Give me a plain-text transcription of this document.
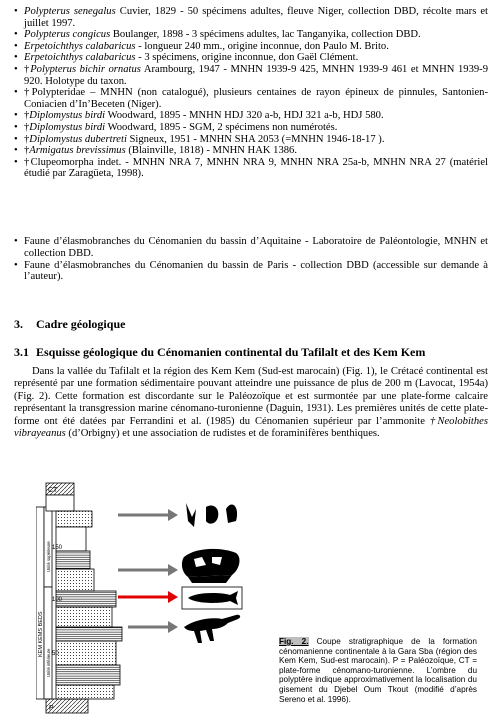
• Polypterus senegalus Cuvier, 1829 - 50 spécimens adultes, fleuve Niger, collection DBD, récolte mars et juillet 1997.
• Polypterus congicus Boulanger, 1898 - 3 spécimens adultes, lac Tanganyika, collection DBD.
• Erpetoichthys calabaricus - longueur 240 mm., origine inconnue, don Paulo M. Brito.
• Erpetoichthys calabaricus - 3 spécimens, origine inconnue, don Gaël Clément.
• †Polypterus bichir ornatus Arambourg, 1947 - MNHN 1939-9 425, MNHN 1939-9 461 et MNHN 1939-9 920. Holotype du taxon.
• †Polypteridae – MNHN (non catalogué), plusieurs centaines de rayon épineux de pinnules, Santonien-Coniacien d’In’Beceten (Niger).
• †Diplomystus birdi Woodward, 1895 - MNHN HDJ 320 a-b, HDJ 321 a-b, HDJ 580.
• †Diplomystus birdi Woodward, 1895 - SGM, 2 spécimens non numérotés.
• †Diplomystus dubertreti Signeux, 1951 - MNHN SHA 2053 (=MNHN 1946-18-17 ).
• †Armigatus brevissimus (Blainville, 1818) - MNHN HAK 1386.
• †Clupeomorpha indet. - MNHN NRA 7, MNHN NRA 9, MNHN NRA 25a-b, MNHN NRA 27 (matériel étudié par Zaragüeta, 1998).
• Faune d’élasmobranches du Cénomanien du bassin d’Aquitaine - Laboratoire de Paléontologie, MNHN et collection DBD.
• Faune d’élasmobranches du Cénomanien du bassin de Paris - collection DBD (accessible sur demande à l’auteur).
3. Cadre géologique
3.1 Esquisse géologique du Cénomanien continental du Tafilalt et des Kem Kem

Dans la vallée du Tafilalt et la région des Kem Kem (Sud-est marocain) (Fig. 1), le Crétacé continental est représenté par une formation sédimentaire pouvant atteindre une puissance de plus de 200 m (Lavocat, 1954a) (Fig. 2). Cette formation est discordante sur le Paléozoïque et est surmontée par une plate-forme calcaire représentant la transgression marine cénomano-turonienne (Daguin, 1931). Les premières unités de cette plate-forme ont été datées par Ferrandini et al. (1985) du Cénomanien supérieur par l’ammonite †Neolobithes vibrayeanus (d’Orbigny) et une association de rudistes et de foraminifères benthiques.

KEM KEMS BEDS
Unité supérieure
Unité inférieure
CT
P
150
100
50
Fig. 2. Coupe stratigraphique de la formation cénomanienne continentale à la Gara Sba (région des Kem Kem, Sud-est marocain). P = Paléozoïque, CT = plate-forme cénomano-turonienne. L’ombre du polyptère indique approximativement la localisation du gisement du Djebel Oum Tkout (modifié d’après Sereno et al. 1996).
